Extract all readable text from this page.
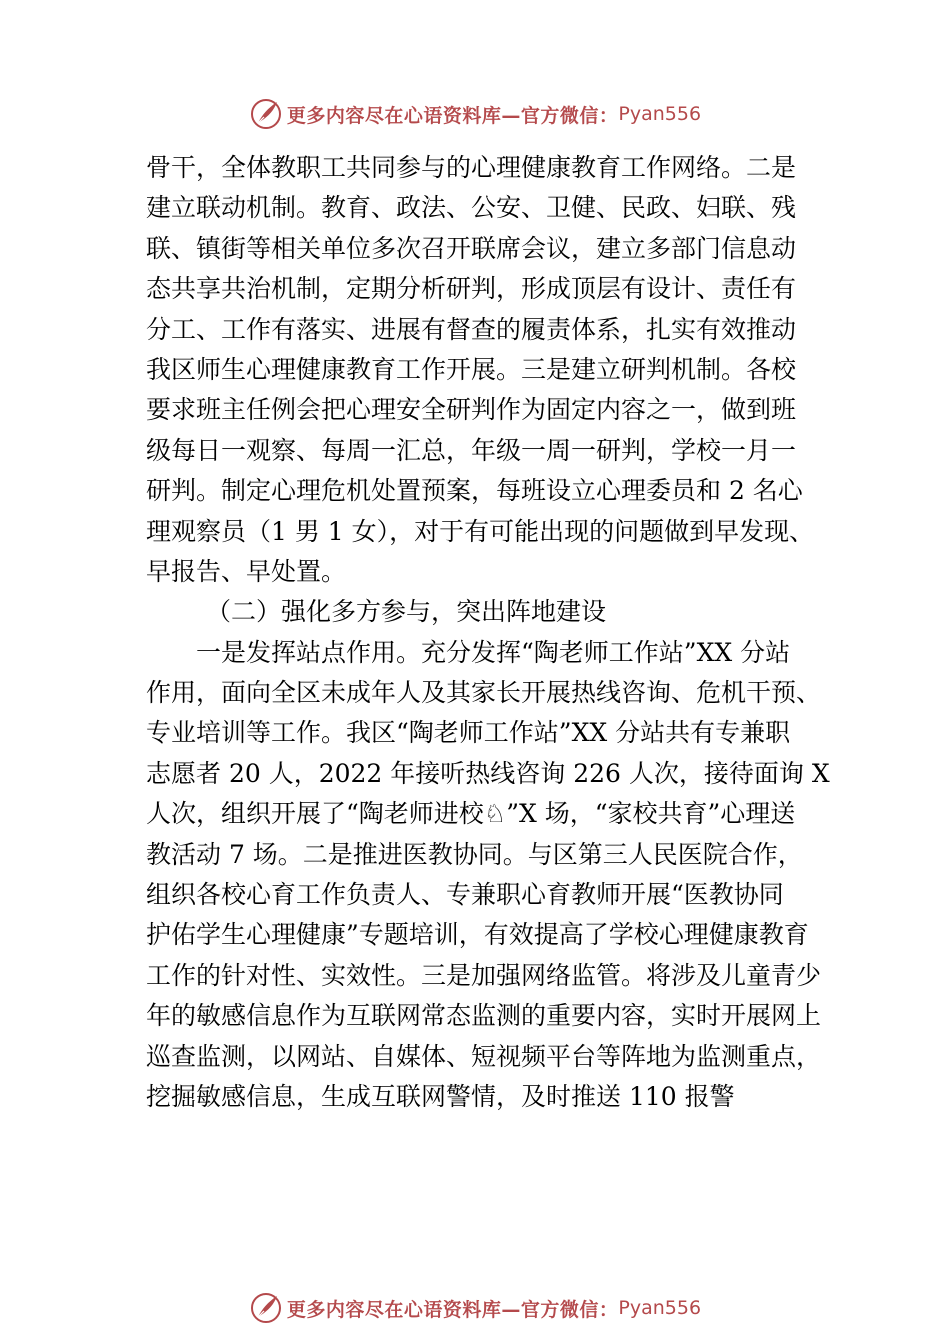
更多内容尽在心语资料库—官方微信： Pyan556
骨干，全体教职工共同参与的心理健康教育工作网络。二是
建立联动机制。教育、政法、公安、卫健、民政、妇联、残
联、镇街等相关单位多次召开联席会议，建立多部门信息动
态共享共治机制，定期分析研判，形成顶层有设计、责任有
分工、工作有落实、进展有督查的履责体系，扎实有效推动
我区师生心理健康教育工作开展。三是建立研判机制。各校
要求班主任例会把心理安全研判作为固定内容之一，做到班
级每日一观察、每周一汇总，年级一周一研判，学校一月一
研判。制定心理危机处置预案，每班设立心理委员和 2 名心
理观察员（1 男 1 女），对于有可能出现的问题做到早发现、
早报告、早处置。
（二）强化多方参与，突出阵地建设
一是发挥站点作用。充分发挥“陶老师工作站”XX 分站
作用，面向全区未成年人及其家长开展热线咨询、危机干预、
专业培训等工作。我区“陶老师工作站”XX 分站共有专兼职
志愿者 20 人，2022 年接听热线咨询 226 人次，接待面询 X
人次，组织开展了“陶老师进校♘”X 场，“家校共育”心理送
教活动 7 场。二是推进医教协同。与区第三人民医院合作，
组织各校心育工作负责人、专兼职心育教师开展“医教协同
护佑学生心理健康”专题培训，有效提高了学校心理健康教育
工作的针对性、实效性。三是加强网络监管。将涉及儿童青少
年的敏感信息作为互联网常态监测的重要内容，实时开展网上
巡查监测，以网站、自媒体、短视频平台等阵地为监测重点，
挖掘敏感信息，生成互联网警情，及时推送 110 报警
更多内容尽在心语资料库—官方微信： Pyan556
